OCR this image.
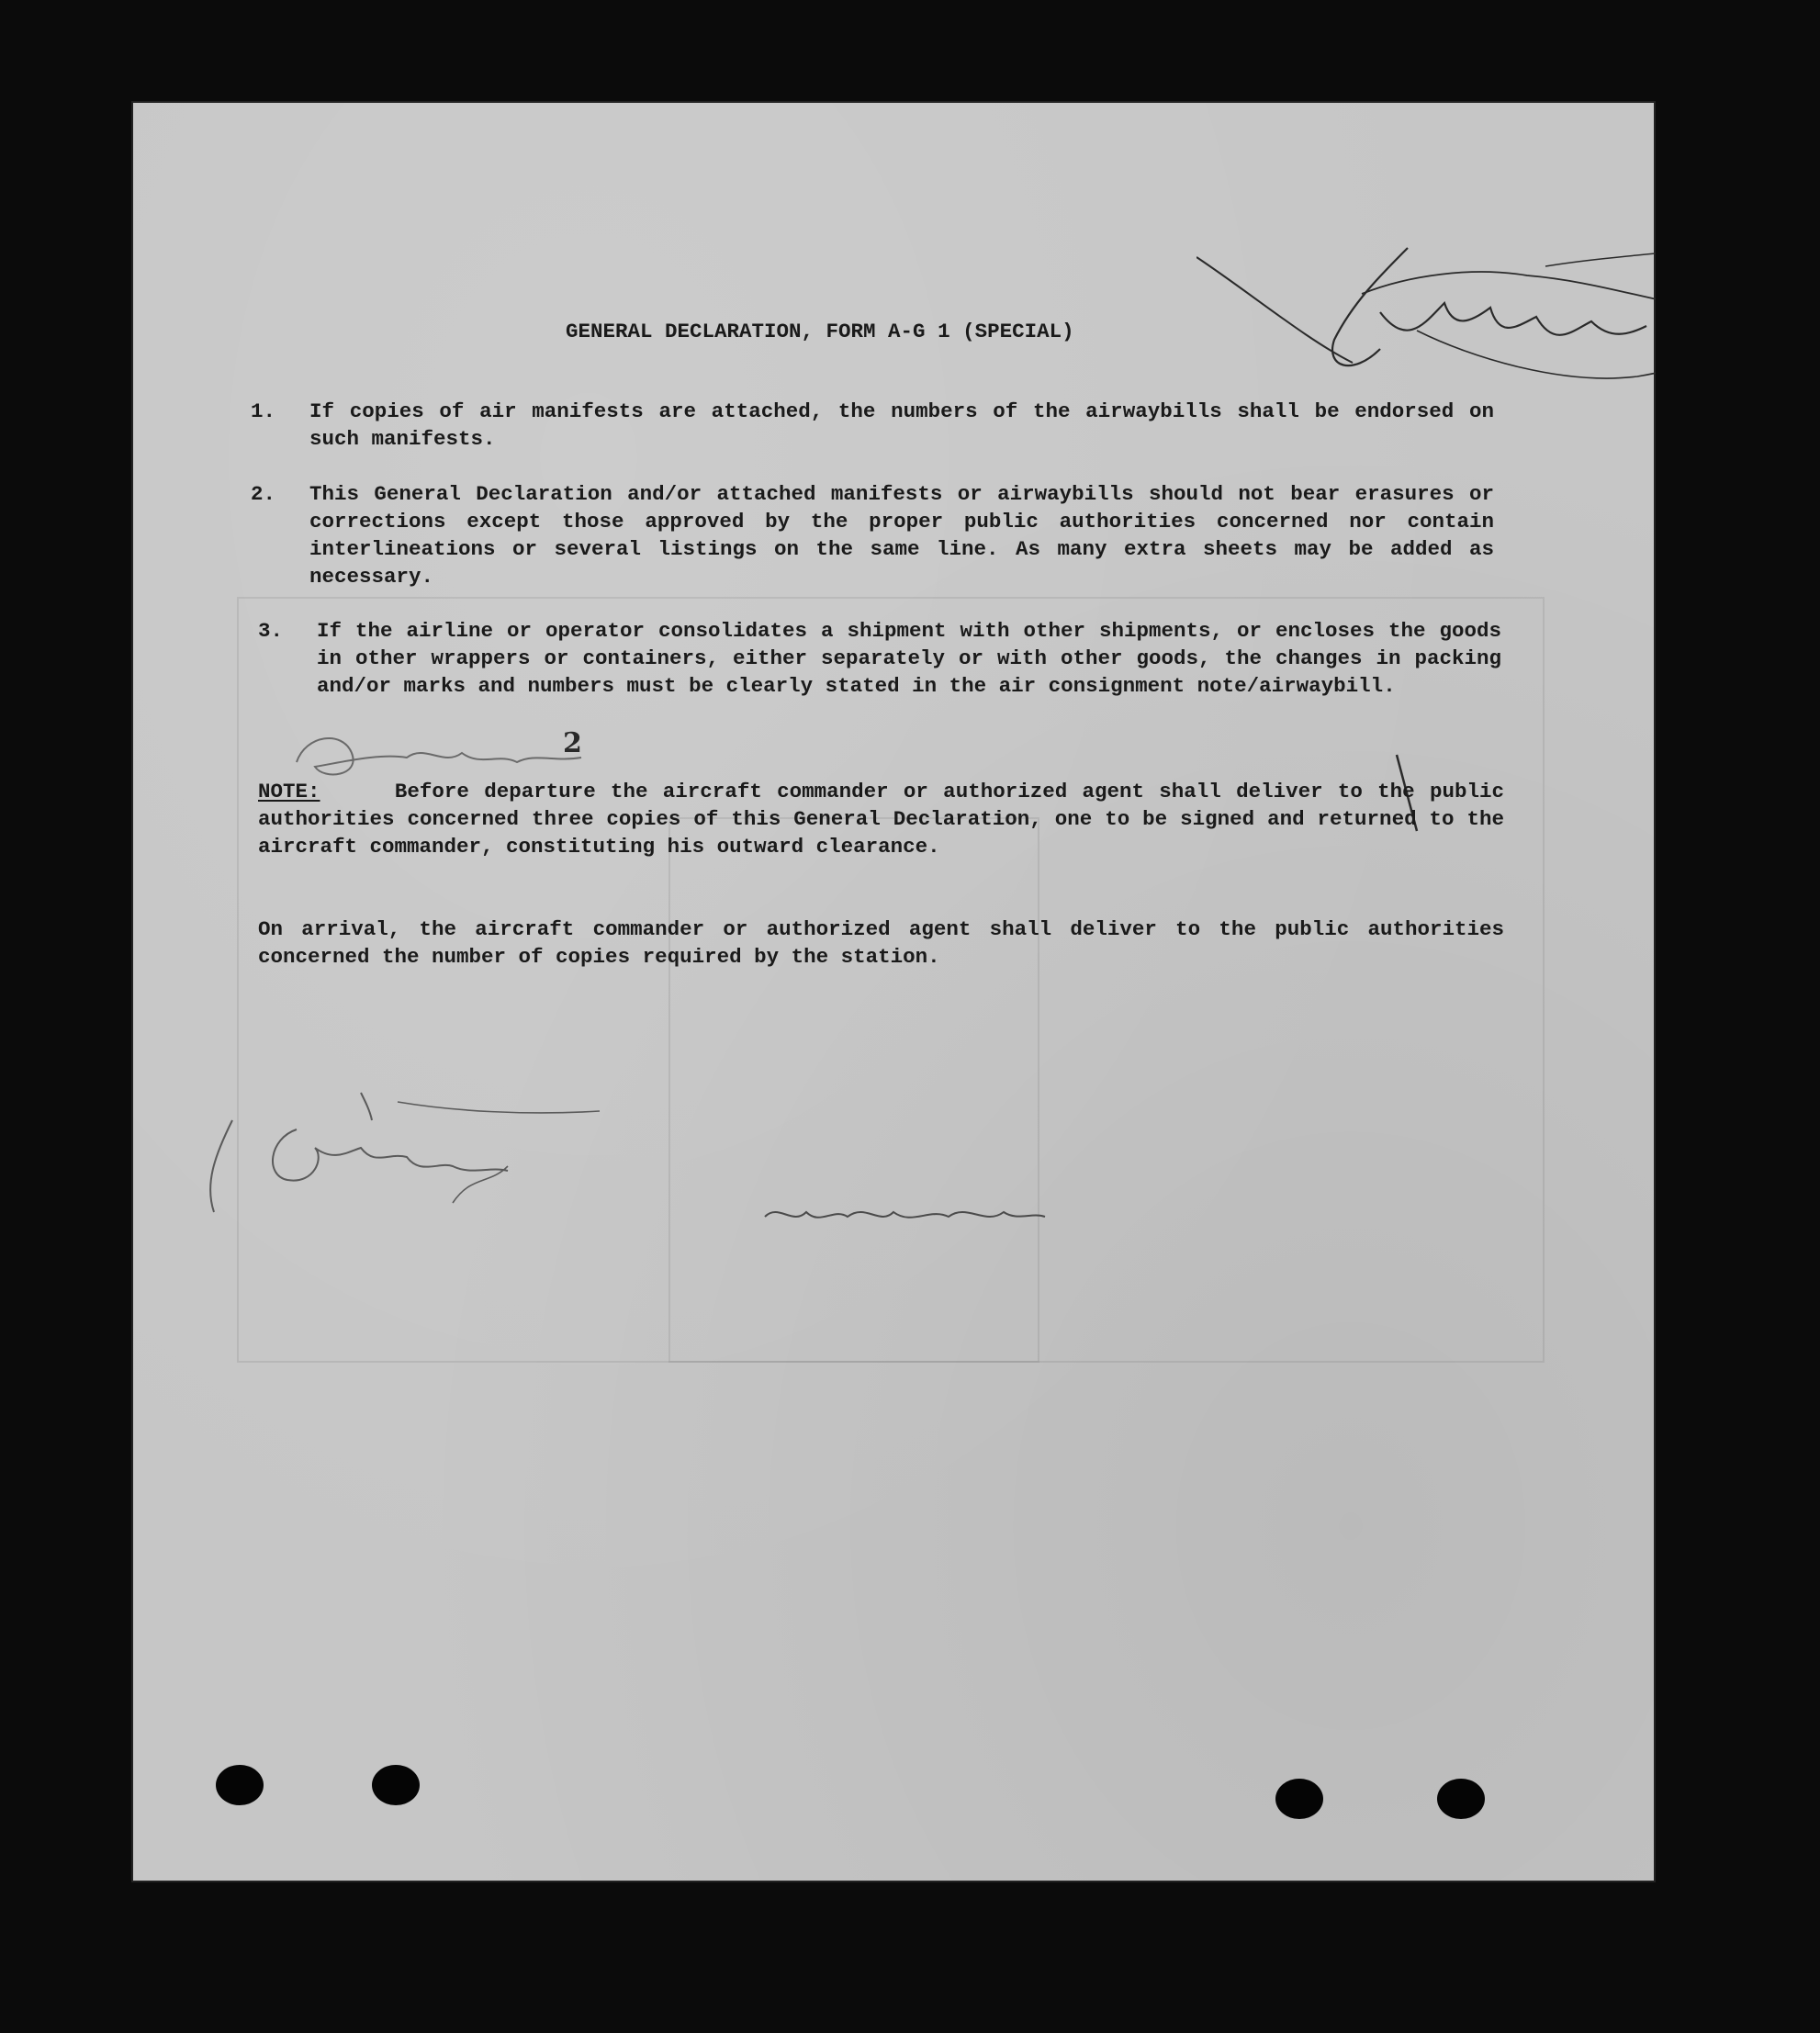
GENERAL DECLARATION, FORM A-G 1 (SPECIAL)
1. If copies of air manifests are attached, the numbers of the airwaybills shall be endorsed on such manifests.
2. This General Declaration and/or attached manifests or airwaybills should not bear erasures or corrections except those approved by the proper public authorities concerned nor contain interlineations or several listings on the same line. As many extra sheets may be added as necessary.
3. If the airline or operator consolidates a shipment with other shipments, or encloses the goods in other wrappers or containers, either separately or with other goods, the changes in packing and/or marks and numbers must be clearly stated in the air consignment note/airwaybill.
NOTE:	Before departure the aircraft commander or authorized agent shall deliver to the public authorities concerned three copies of this General Declaration, one to be signed and returned to the aircraft commander, constituting his outward clearance.
On arrival, the aircraft commander or authorized agent shall deliver to the public authorities concerned the number of copies required by the station.
2
